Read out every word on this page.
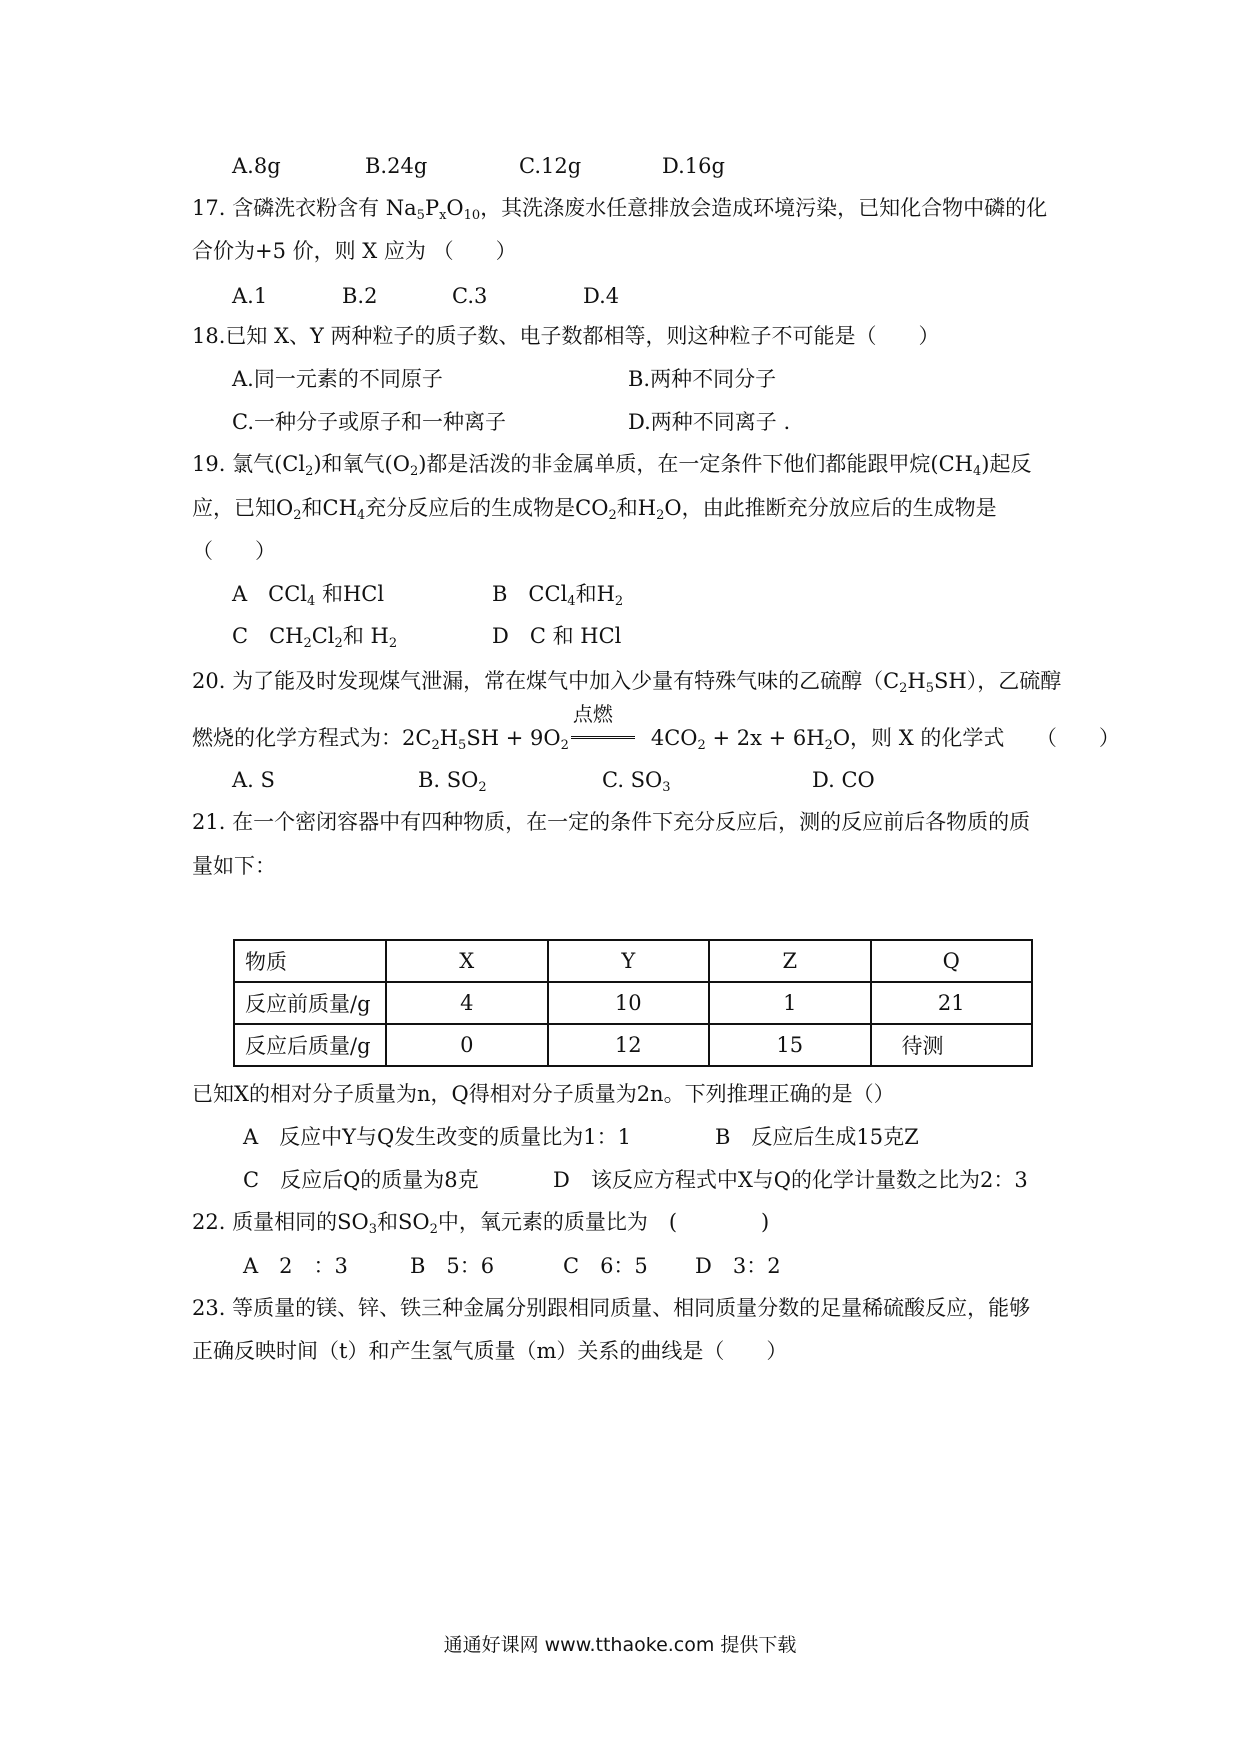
A.8g	B.24g	C.12g	D.16g
17. 含磷洗衣粉含有 $Na_5P_xO_{10}$，其洗涤废水任意排放会造成环境污染，已知化合物中磷的化
合价为+5 价，则 X 应为 （　　）
A.1	B.2	C.3	D.4
18.已知 X、Y 两种粒子的质子数、电子数都相等，则这种粒子不可能是（　　）
A.同一元素的不同原子	B.两种不同分子
C.一种分子或原子和一种离子	D.两种不同离子 .
19. 氯气$(Cl_2)$和氧气$(O_2)$都是活泼的非金属单质，在一定条件下他们都能跟甲烷$(CH_4)$起反
应，已知$O_2$和$CH_4$充分反应后的生成物是$CO_2$和$H_2O$，由此推断充分放应后的生成物是
（　　）
A　CCl$_4$ 和HCl	B　CCl$_4$和$H_2$
C　$CH_2Cl_2$和 $H_2$	D　C 和 HCl
20. 为了能及时发现煤气泄漏，常在煤气中加入少量有特殊气味的乙硫醇$(C_2H_5SH)$，乙硫醇
燃烧的化学方程式为：$2C_2H_5SH + 9O_2$
点燃
$4CO_2 + 2x + 6H_2O$，则 X 的化学式　　（　　）
A. S	B. $SO_2$	C. $SO_3$	D. CO
21. 在一个密闭容器中有四种物质，在一定的条件下充分反应后，测的反应前后各物质的质
量如下：
物质	X	Y	Z	Q
反应前质量/g	4	10	1	21
反应后质量/g	0	12	15	待测
已知X的相对分子质量为n，Q得相对分子质量为2n。下列推理正确的是（）
A　反应中Y与Q发生改变的质量比为1：1	B　反应后生成15克Z
C　反应后Q的质量为8克	D　该反应方程式中X与Q的化学计量数之比为2：3
22. 质量相同的$SO_3$和$SO_2$中，氧元素的质量比为　(　　　　)
A　2　：3	B　5：6	C　6：5 D　3：2
23. 等质量的镁、锌、铁三种金属分别跟相同质量、相同质量分数的足量稀硫酸反应，能够
正确反映时间（t）和产生氢气质量（m）关系的曲线是（　　）
通通好课网 www.tthaoke.com 提供下载
